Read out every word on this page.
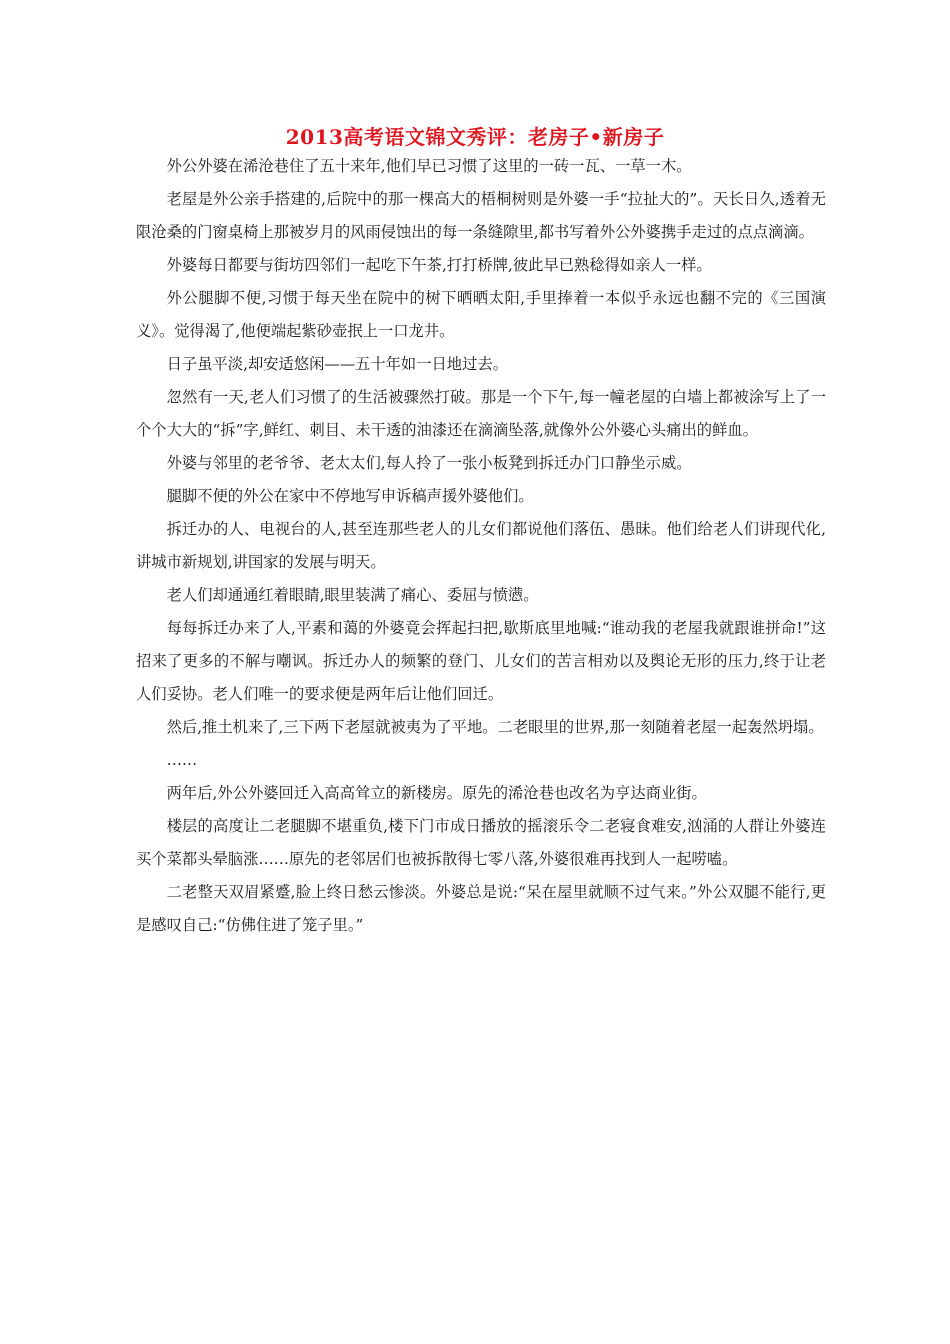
2013高考语文锦文秀评：老房子•新房子

外公外婆在浠沧巷住了五十来年,他们早已习惯了这里的一砖一瓦、一草一木。

老屋是外公亲手搭建的,后院中的那一棵高大的梧桐树则是外婆一手“拉扯大的”。天长日久,透着无限沧桑的门窗桌椅上那被岁月的风雨侵蚀出的每一条缝隙里,都书写着外公外婆携手走过的点点滴滴。

外婆每日都要与街坊四邻们一起吃下午茶,打打桥牌,彼此早已熟稔得如亲人一样。

外公腿脚不便,习惯于每天坐在院中的树下晒晒太阳,手里捧着一本似乎永远也翻不完的《三国演义》。觉得渴了,他便端起紫砂壶抿上一口龙井。

日子虽平淡,却安适悠闲——五十年如一日地过去。

忽然有一天,老人们习惯了的生活被骤然打破。那是一个下午,每一幢老屋的白墙上都被涂写上了一个个大大的“拆”字,鲜红、刺目、未干透的油漆还在滴滴坠落,就像外公外婆心头痛出的鲜血。

外婆与邻里的老爷爷、老太太们,每人拎了一张小板凳到拆迁办门口静坐示威。

腿脚不便的外公在家中不停地写申诉稿声援外婆他们。

拆迁办的人、电视台的人,甚至连那些老人的儿女们都说他们落伍、愚昧。他们给老人们讲现代化,讲城市新规划,讲国家的发展与明天。

老人们却通通红着眼睛,眼里装满了痛心、委屈与愤懑。

每每拆迁办来了人,平素和蔼的外婆竟会挥起扫把,歇斯底里地喊:“谁动我的老屋我就跟谁拼命!”这招来了更多的不解与嘲讽。拆迁办人的频繁的登门、儿女们的苦言相劝以及舆论无形的压力,终于让老人们妥协。老人们唯一的要求便是两年后让他们回迁。

然后,推土机来了,三下两下老屋就被夷为了平地。二老眼里的世界,那一刻随着老屋一起轰然坍塌。

……

两年后,外公外婆回迁入高高耸立的新楼房。原先的浠沧巷也改名为亨达商业街。

楼层的高度让二老腿脚不堪重负,楼下门市成日播放的摇滚乐令二老寝食难安,汹涌的人群让外婆连买个菜都头晕脑涨……原先的老邻居们也被拆散得七零八落,外婆很难再找到人一起唠嗑。

二老整天双眉紧蹙,脸上终日愁云惨淡。外婆总是说:“呆在屋里就顺不过气来。”外公双腿不能行,更是感叹自己:“仿佛住进了笼子里。”
